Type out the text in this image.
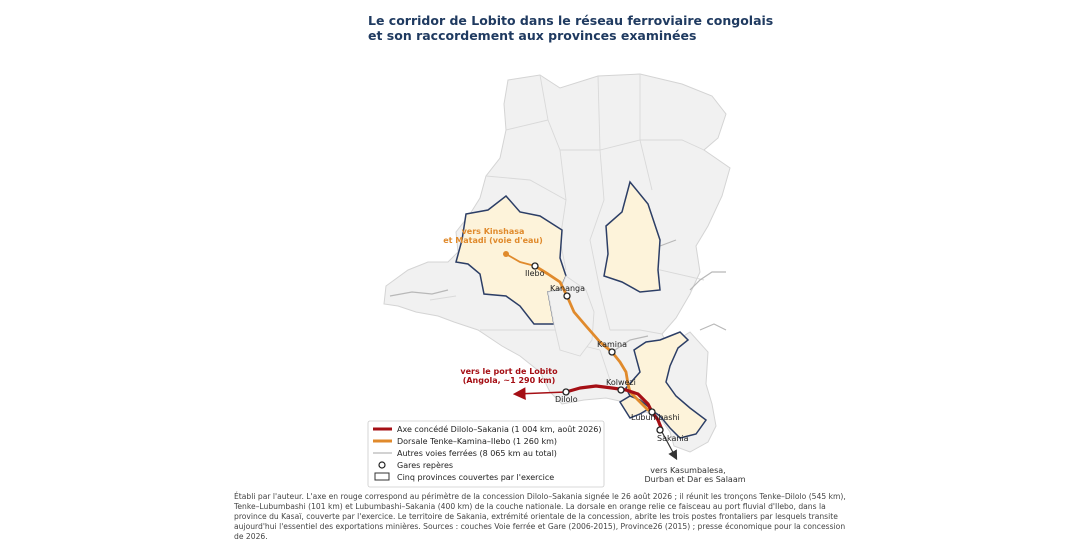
Le corridor de Lobito dans le réseau ferroviaire congolais
et son raccordement aux provinces examinées
Ilebo
Kananga
Kamina
Kolwezi
Dilolo
Lubumbashi
Sakania
vers Kinshasa
et Matadi (voie d'eau)
vers le port de Lobito
(Angola, ~1 290 km)
vers Kasumbalesa,
Durban et Dar es Salaam
Axe concédé Dilolo–Sakania (1 004 km, août 2026)
Dorsale Tenke–Kamina–Ilebo (1 260 km)
Autres voies ferrées (8 065 km au total)
Gares repères
Cinq provinces couvertes par l'exercice
Établi par l'auteur. L'axe en rouge correspond au périmètre de la concession Dilolo–Sakania signée le 26 août 2026 ; il réunit les tronçons Tenke–Dilolo (545 km), Tenke–Lubumbashi (101 km) et Lubumbashi–Sakania (400 km) de la couche nationale. La dorsale en orange relie ce faisceau au port fluvial d'Ilebo, dans la province du Kasaï, couverte par l'exercice. Le territoire de Sakania, extrémité orientale de la concession, abrite les trois postes frontaliers par lesquels transite aujourd'hui l'essentiel des exportations minières. Sources : couches Voie ferrée et Gare (2006-2015), Province26 (2015) ; presse économique pour la concession de 2026.
